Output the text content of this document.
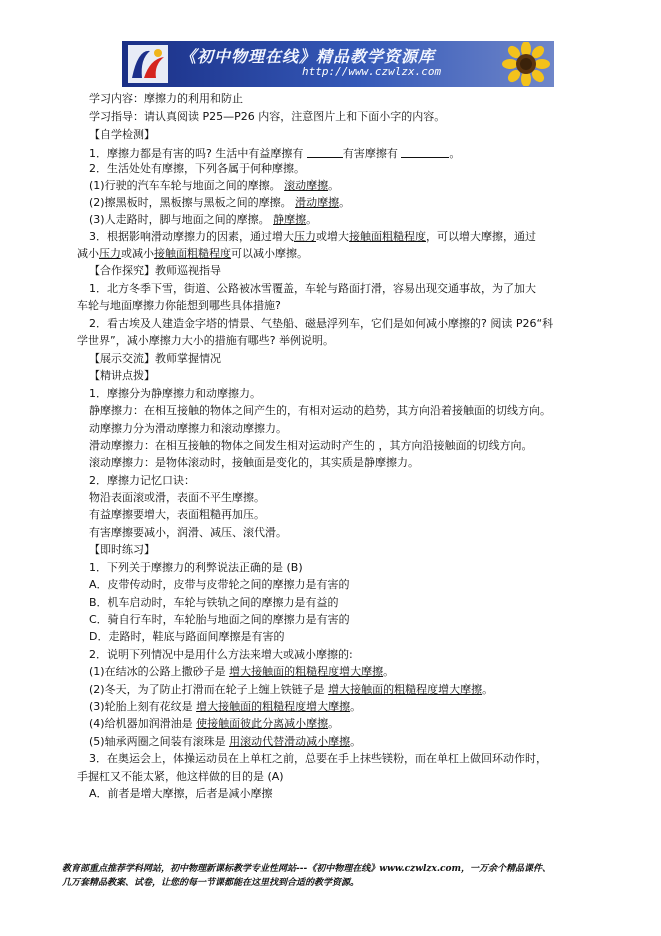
《初中物理在线》精品教学资源库
http://www.czwlzx.com
学习内容：摩擦力的利用和防止
学习指导：请认真阅读 P25—P26 内容，注意图片上和下面小字的内容。
【自学检测】
1．摩擦力都是有害的吗? 生活中有益摩擦有	有害摩擦有	。
2．生活处处有摩擦，下列各属于何种摩擦。
(1)行驶的汽车车轮与地面之间的摩擦。 滚动摩擦。
(2)擦黑板时，黑板擦与黑板之间的摩擦。 滑动摩擦。
(3)人走路时，脚与地面之间的摩擦。 静摩擦。
3．根据影响滑动摩擦力的因素，通过增大压力或增大接触面粗糙程度，可以增大摩擦，通过
减小压力或减小接触面粗糙程度可以减小摩擦。
【合作探究】教师巡视指导
1．北方冬季下雪，街道、公路被冰雪覆盖，车轮与路面打滑，容易出现交通事故，为了加大
车轮与地面摩擦力你能想到哪些具体措施?
2．看古埃及人建造金字塔的情景、气垫船、磁悬浮列车，它们是如何减小摩擦的? 阅读 P26“科
学世界”，减小摩擦力大小的措施有哪些? 举例说明。
【展示交流】教师掌握情况
【精讲点拨】
1．摩擦分为静摩擦力和动摩擦力。
静摩擦力：在相互接触的物体之间产生的，有相对运动的趋势，其方向沿着接触面的切线方向。
动摩擦力分为滑动摩擦力和滚动摩擦力。
滑动摩擦力：在相互接触的物体之间发生相对运动时产生的 ，其方向沿接触面的切线方向。
滚动摩擦力：是物体滚动时，接触面是变化的，其实质是静摩擦力。
2．摩擦力记忆口诀：
物沿表面滚或滑，表面不平生摩擦。
有益摩擦要增大，表面粗糙再加压。
有害摩擦要减小，润滑、减压、滚代滑。
【即时练习】
1．下列关于摩擦力的利弊说法正确的是 (B)
A．皮带传动时，皮带与皮带轮之间的摩擦力是有害的
B．机车启动时，车轮与铁轨之间的摩擦力是有益的
C．骑自行车时，车轮胎与地面之间的摩擦力是有害的
D．走路时，鞋底与路面间摩擦是有害的
2．说明下列情况中是用什么方法来增大或减小摩擦的:
(1)在结冰的公路上撒砂子是 增大接触面的粗糙程度增大摩擦。
(2)冬天，为了防止打滑而在轮子上缠上铁链子是 增大接触面的粗糙程度增大摩擦。
(3)轮胎上刻有花纹是 增大接触面的粗糙程度增大摩擦。
(4)给机器加润滑油是 使接触面彼此分离减小摩擦。
(5)轴承两圈之间装有滚珠是 用滚动代替滑动减小摩擦。
3．在奥运会上，体操运动员在上单杠之前，总要在手上抹些镁粉，而在单杠上做回环动作时，
手握杠又不能太紧，他这样做的目的是 (A)
A．前者是增大摩擦，后者是减小摩擦
教育部重点推荐学科网站，初中物理新课标教学专业性网站---《初中物理在线》www.czwlzx.com，一万余个精品课件、
几万套精品教案、试卷，让您的每一节课都能在这里找到合适的教学资源。
